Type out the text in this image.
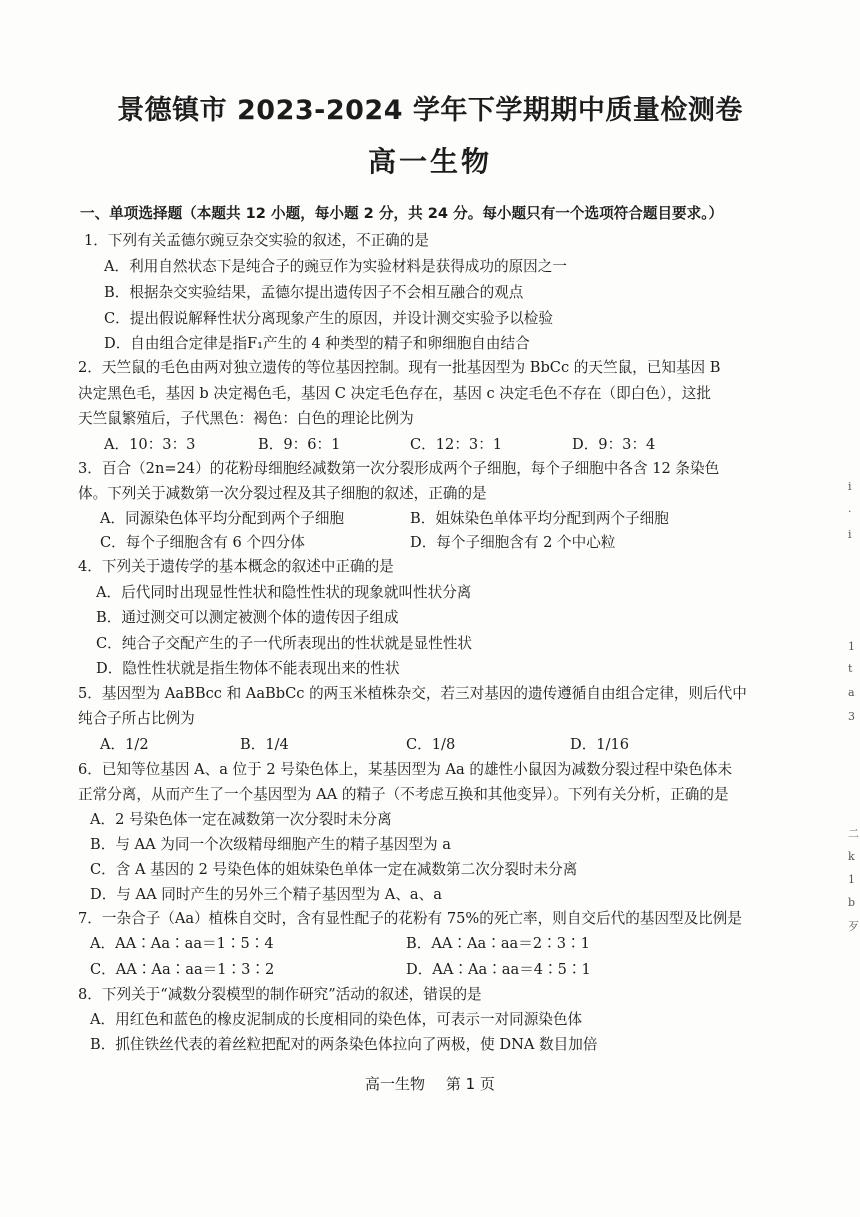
景德镇市 2023-2024 学年下学期期中质量检测卷
高一生物
一、单项选择题（本题共 12 小题，每小题 2 分，共 24 分。每小题只有一个选项符合题目要求。）
1．下列有关孟德尔豌豆杂交实验的叙述，不正确的是
A．利用自然状态下是纯合子的豌豆作为实验材料是获得成功的原因之一
B．根据杂交实验结果，孟德尔提出遗传因子不会相互融合的观点
C．提出假说解释性状分离现象产生的原因，并设计测交实验予以检验
D．自由组合定律是指F₁产生的 4 种类型的精子和卵细胞自由结合
2．天竺鼠的毛色由两对独立遗传的等位基因控制。现有一批基因型为 BbCc 的天竺鼠，已知基因 B
决定黑色毛，基因 b 决定褐色毛，基因 C 决定毛色存在，基因 c 决定毛色不存在（即白色），这批
天竺鼠繁殖后，子代黑色：褐色：白色的理论比例为
A．10：3：3	B．9：6：1	C．12：3：1	D．9：3：4
3．百合（2n=24）的花粉母细胞经减数第一次分裂形成两个子细胞，每个子细胞中各含 12 条染色
体。下列关于减数第一次分裂过程及其子细胞的叙述，正确的是
A．同源染色体平均分配到两个子细胞	B．姐妹染色单体平均分配到两个子细胞
C．每个子细胞含有 6 个四分体	D．每个子细胞含有 2 个中心粒
4．下列关于遗传学的基本概念的叙述中正确的是
A．后代同时出现显性性状和隐性性状的现象就叫性状分离
B．通过测交可以测定被测个体的遗传因子组成
C．纯合子交配产生的子一代所表现出的性状就是显性性状
D．隐性性状就是指生物体不能表现出来的性状
5．基因型为 AaBBcc 和 AaBbCc 的两玉米植株杂交，若三对基因的遗传遵循自由组合定律，则后代中
纯合子所占比例为
A．1/2	B．1/4	C．1/8	D．1/16
6．已知等位基因 A、a 位于 2 号染色体上，某基因型为 Aa 的雄性小鼠因为减数分裂过程中染色体未
正常分离，从而产生了一个基因型为 AA 的精子（不考虑互换和其他变异）。下列有关分析，正确的是
A．2 号染色体一定在减数第一次分裂时未分离
B．与 AA 为同一个次级精母细胞产生的精子基因型为 a
C．含 A 基因的 2 号染色体的姐妹染色单体一定在减数第二次分裂时未分离
D．与 AA 同时产生的另外三个精子基因型为 A、a、a
7．一杂合子（Aa）植株自交时，含有显性配子的花粉有 75%的死亡率，则自交后代的基因型及比例是
A．AA∶Aa∶aa＝1∶5∶4	B．AA∶Aa∶aa＝2∶3∶1
C．AA∶Aa∶aa＝1∶3∶2	D．AA∶Aa∶aa＝4∶5∶1
8．下列关于“减数分裂模型的制作研究”活动的叙述，错误的是
A．用红色和蓝色的橡皮泥制成的长度相同的染色体，可表示一对同源染色体
B．抓住铁丝代表的着丝粒把配对的两条染色体拉向了两极，使 DNA 数目加倍
高一生物 第 1 页
ⅰ
·
ⅰ
1
t
a
3
二
k
1
b
歹
